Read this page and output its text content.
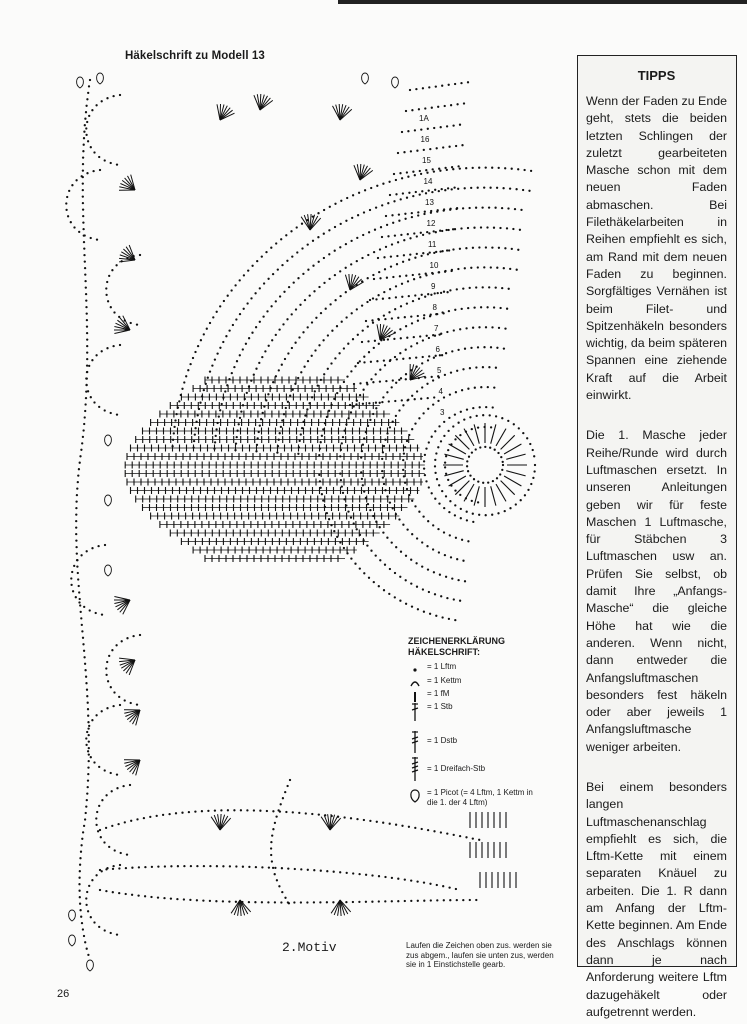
Häkelschrift zu Modell 13
3
4
5
6
7
8
9
10
11
12
13
14
15
16
1A
2.Motiv
ZEICHENERKLÄRUNG
HÄKELSCHRIFT:
= 1 Lftm
= 1 Kettm
= 1 fM
= 1 Stb
= 1 Dstb
= 1 Dreifach-Stb
= 1 Picot (= 4 Lftm, 1 Kettm in
die 1. der 4 Lftm)
Laufen die Zeichen oben zus. werden sie zus abgem., laufen sie unten zus, werden sie in 1 Einstichstelle gearb.
26
TIPPS

Wenn der Faden zu Ende geht, stets die beiden letzten Schlingen der zuletzt gearbeiteten Masche schon mit dem neuen Faden abmaschen. Bei Filethäkelarbeiten in Reihen empfiehlt es sich, am Rand mit dem neuen Faden zu beginnen. Sorgfältiges Vernähen ist beim Filet- und Spitzenhäkeln besonders wichtig, da beim späteren Spannen eine ziehende Kraft auf die Arbeit einwirkt.

Die 1. Masche jeder Reihe/Runde wird durch Luftmaschen ersetzt. In unseren Anleitungen geben wir für feste Maschen 1 Luftmasche, für Stäbchen 3 Luftmaschen usw an. Prüfen Sie selbst, ob damit Ihre „Anfangs-Masche“ die gleiche Höhe hat wie die anderen. Wenn nicht, dann entweder die Anfangsluftmaschen besonders fest häkeln oder aber jeweils 1 Anfangsluftmasche weniger arbeiten.

Bei einem besonders langen Luftmaschenanschlag empfiehlt es sich, die Lftm-Kette mit einem separaten Knäuel zu arbeiten. Die 1. R dann am Anfang der Lftm-Kette beginnen. Am Ende des Anschlags können dann je nach Anforderung weitere Lftm dazugehäkelt oder aufgetrennt werden.
